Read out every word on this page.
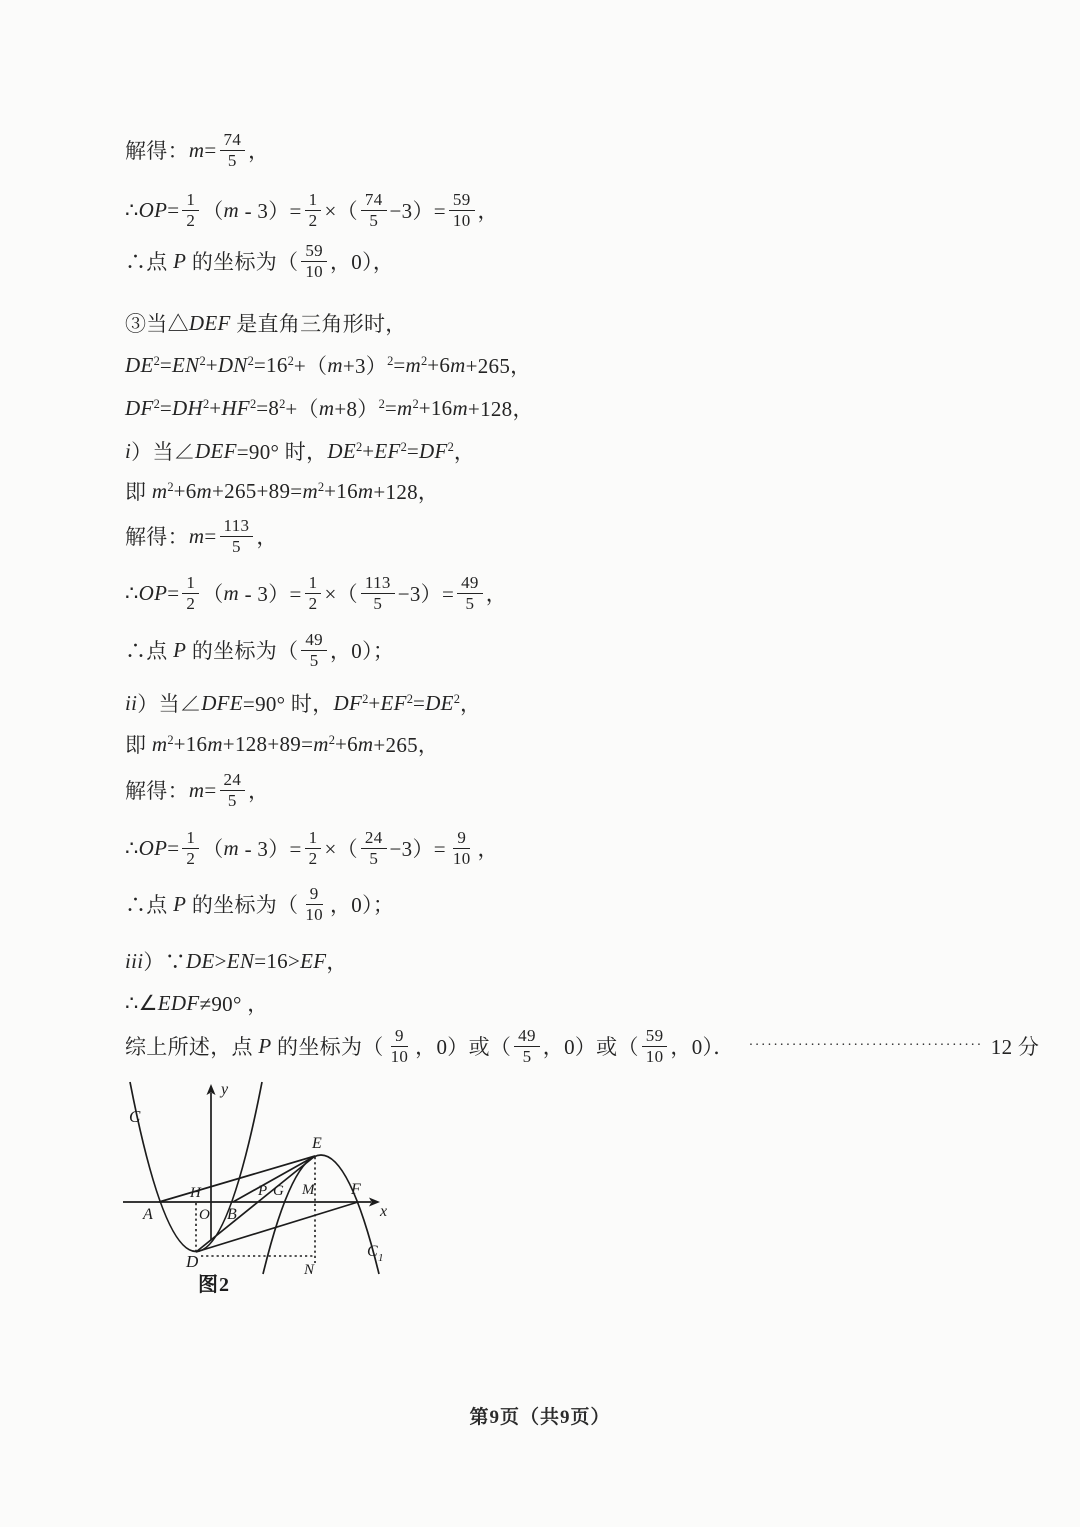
解得： $m = \frac{74}{5}$ ，
∴ OP = $\frac{1}{2}$ （ $m - 3)= \frac{1}{2}$ ×（ $\frac{74}{5} -3)= \frac{59}{10}$ ，
∴点 P 的坐标为（ $\frac{59}{10}$ ，0），
③当△ DEF 是直角三角形时，
$DE^2 = EN^2 + DN^2 = 16^2$ +（ m +3） $^2 = m^2 +6$ m +265，
$DF^2 = DH^2 + HF^2 = 8^2$ +（ m +8） $^2 = m^2 +16$ m +128，
i ）当∠ DEF =90° 时， $DE^2 + EF^2 = DF^2$ ，
即 $m^2 +6$ $m +265+89= m^2 +16$ m +128，
解得： $m = \frac{113}{5}$ ，
∴ OP = $\frac{1}{2}$ （ $m - 3)= \frac{1}{2}$ ×（ $\frac{113}{5} -3)= \frac{49}{5}$ ，
∴点 P 的坐标为（ $\frac{49}{5}$ ，0）；
ii ）当∠ DFE =90° 时， $DF^2 + EF^2 = DE^2$ ，
即 $m^2 +16$ $m +128+89= m^2 +6$ m +265，
解得： $m = \frac{24}{5}$ ，
∴ OP = $\frac{1}{2}$ （ $m - 3)= \frac{1}{2}$ ×（ $\frac{24}{5} -3)= \frac{9}{10}$ ，
∴点 P 的坐标为（ $\frac{9}{10}$ ，0）；
iii ）∵ DE > EN =16> EF ，
∴∠ EDF ≠90° ，
综上所述，点 P 的坐标为（ $\frac{9}{10}$ ，0）或（ $\frac{49}{5}$ ，0）或（ $\frac{59}{10}$ ，0）． ······································ 12 分
C
y
E
H	P G M F
A	O B	x
D	N
C 1
图2
第9页（共9页）
